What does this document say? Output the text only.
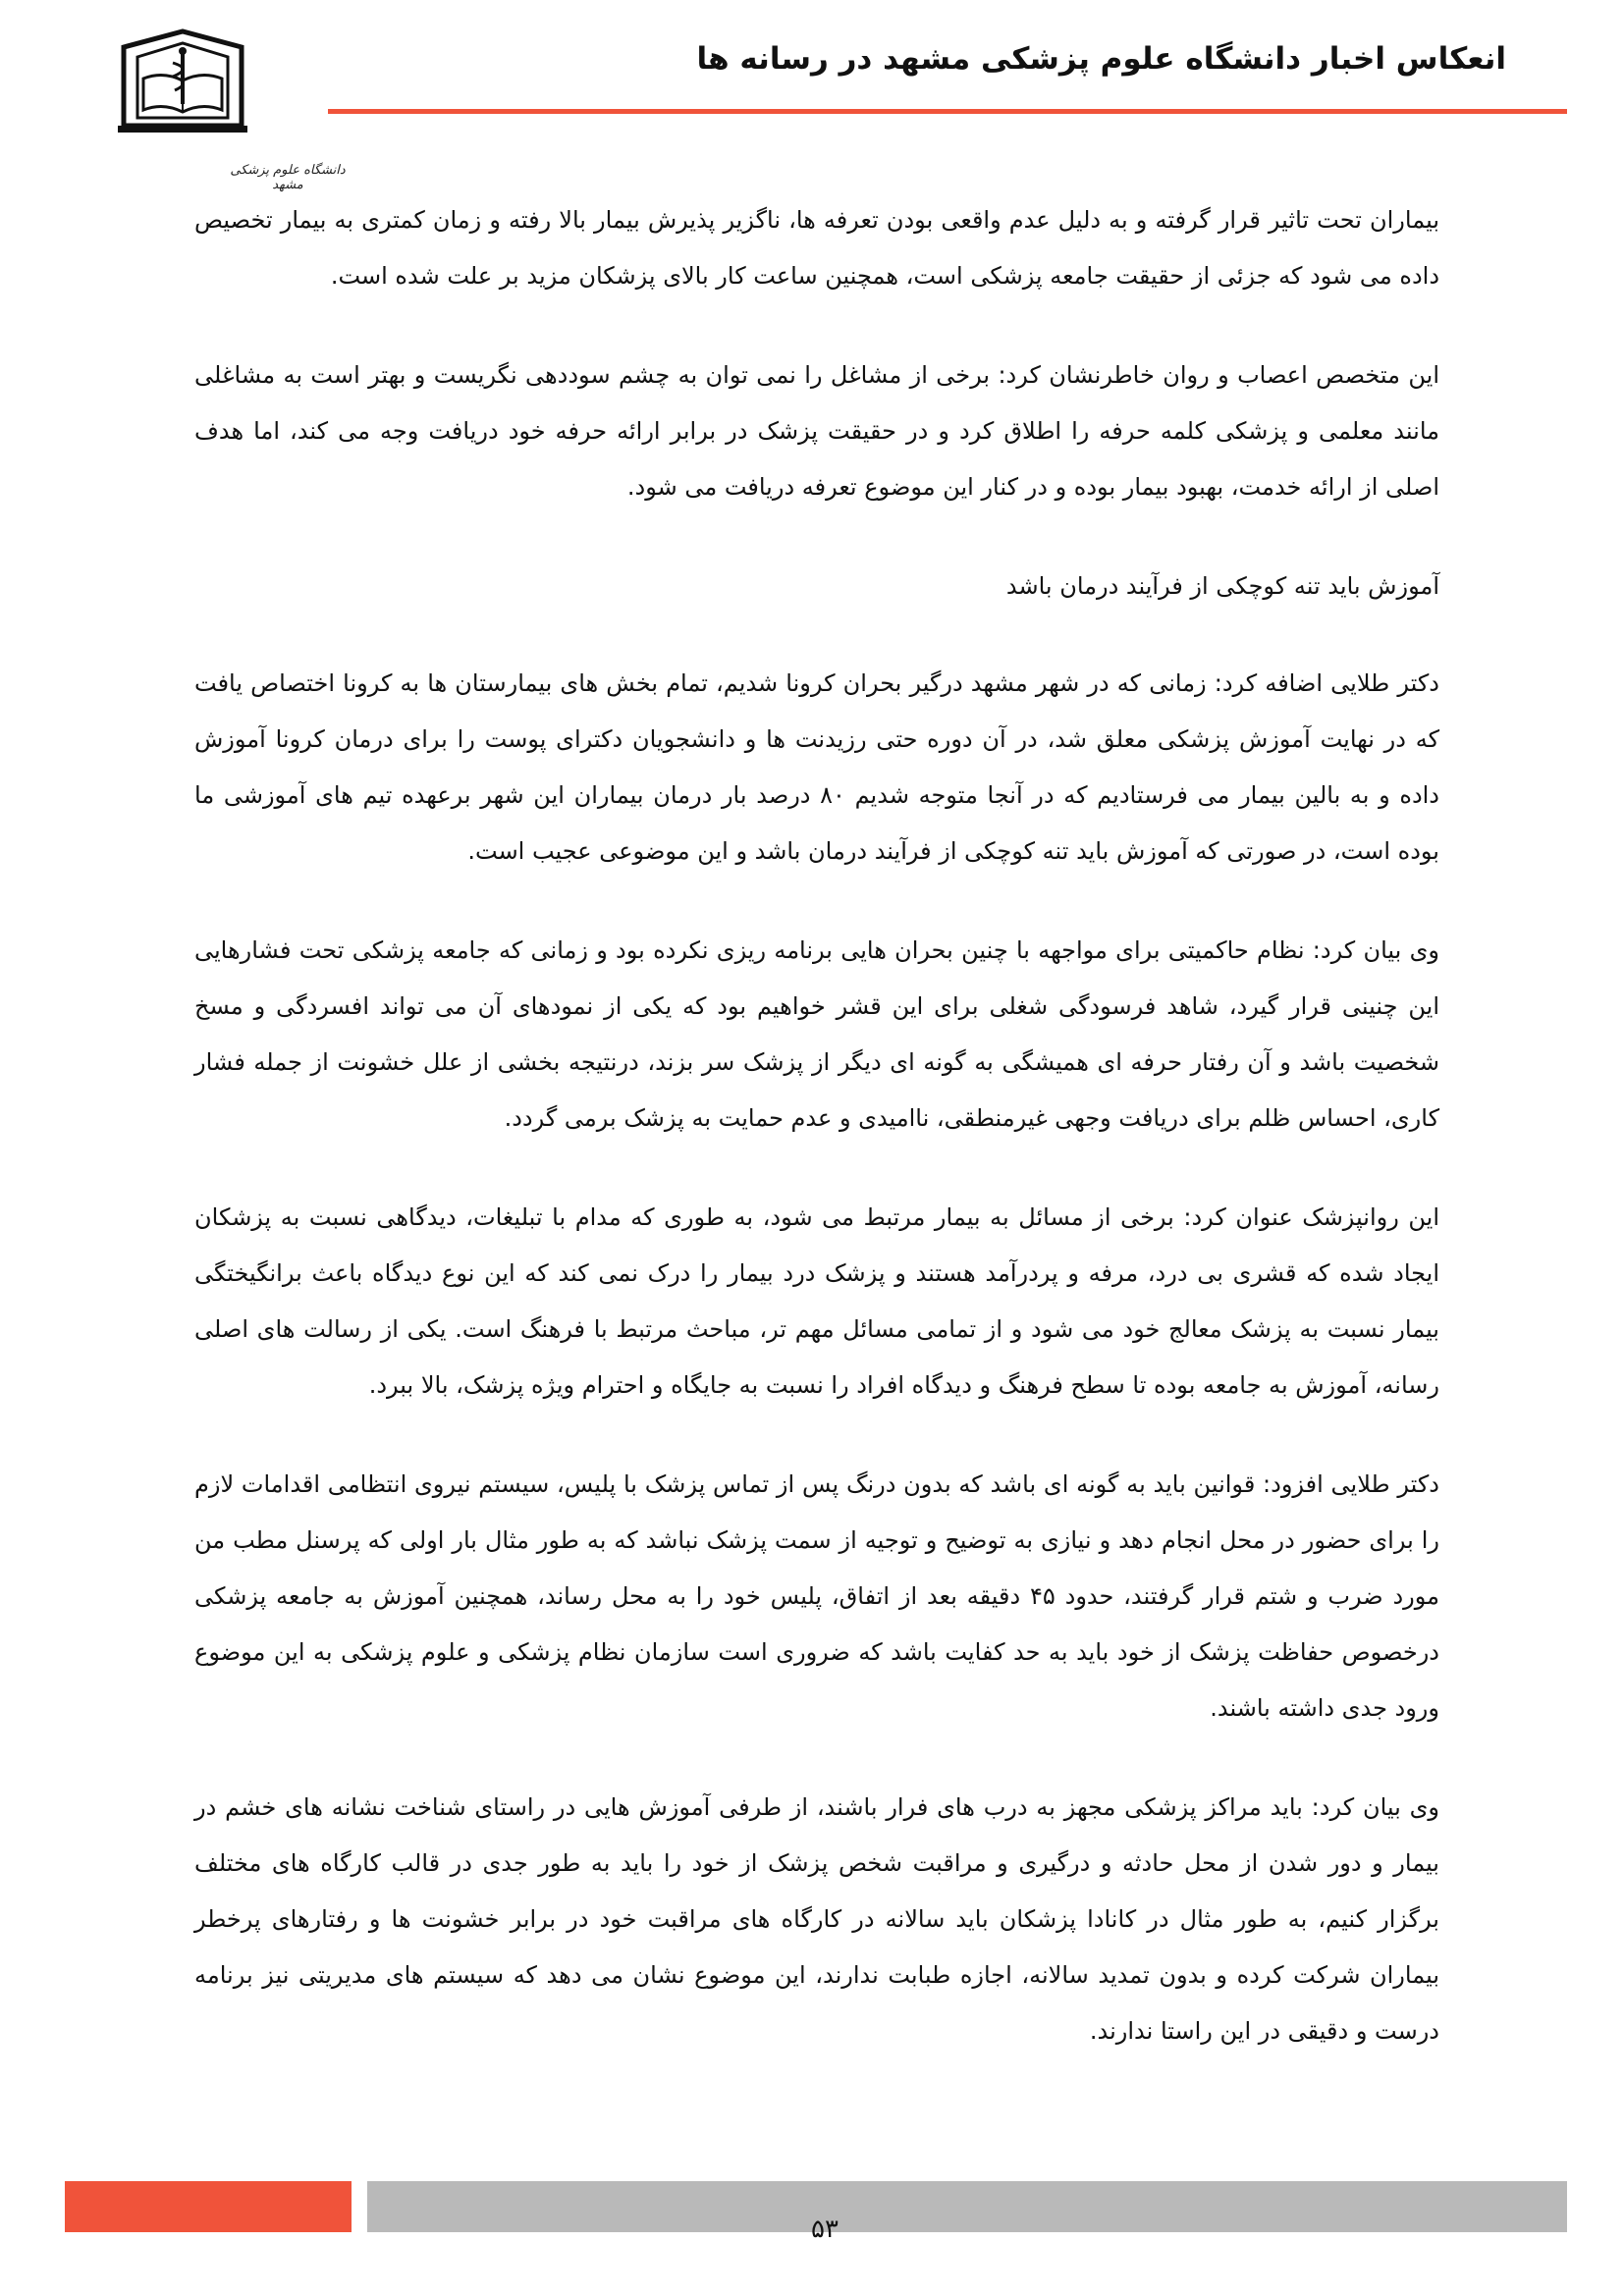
انعکاس اخبار دانشگاه علوم پزشکی مشهد در رسانه ها
دانشگاه علوم پزشکی مشهد

بیماران تحت تاثیر قرار گرفته و به دلیل عدم واقعی بودن تعرفه ها، ناگزیر پذیرش بیمار بالا رفته و زمان کمتری به بیمار تخصیص داده می شود که جزئی از حقیقت جامعه پزشکی است، همچنین ساعت کار بالای پزشکان مزید بر علت شده است.

این متخصص اعصاب و روان خاطرنشان کرد: برخی از مشاغل را نمی توان به چشم سوددهی نگریست و بهتر است به مشاغلی مانند معلمی و پزشکی کلمه حرفه را اطلاق کرد و در حقیقت پزشک در برابر ارائه حرفه خود دریافت وجه می کند، اما هدف اصلی از ارائه خدمت، بهبود بیمار بوده و در کنار این موضوع تعرفه دریافت می شود.

آموزش باید تنه کوچکی از فرآیند درمان باشد

دکتر طلایی اضافه کرد: زمانی که در شهر مشهد درگیر بحران کرونا شدیم، تمام بخش های بیمارستان ها به کرونا اختصاص یافت که در نهایت آموزش پزشکی معلق شد، در آن دوره حتی رزیدنت ها و دانشجویان دکترای پوست را برای درمان کرونا آموزش داده و به بالین بیمار می فرستادیم که در آنجا متوجه شدیم ۸۰ درصد بار درمان بیماران این شهر برعهده تیم های آموزشی ما بوده است، در صورتی که آموزش باید تنه کوچکی از فرآیند درمان باشد و این موضوعی عجیب است.

وی بیان کرد: نظام حاکمیتی برای مواجهه با چنین بحران هایی برنامه ریزی نکرده بود و زمانی که جامعه پزشکی تحت فشارهایی این چنینی قرار گیرد، شاهد فرسودگی شغلی برای این قشر خواهیم بود که یکی از نمودهای آن می تواند افسردگی و مسخ شخصیت باشد و آن رفتار حرفه ای همیشگی به گونه ای دیگر از پزشک سر بزند، درنتیجه بخشی از علل خشونت از جمله فشار کاری، احساس ظلم برای دریافت وجهی غیرمنطقی، ناامیدی و عدم حمایت به پزشک برمی گردد.

این روانپزشک عنوان کرد: برخی از مسائل به بیمار مرتبط می شود، به طوری که مدام با تبلیغات، دیدگاهی نسبت به پزشکان ایجاد شده که قشری بی درد، مرفه و پردرآمد هستند و پزشک درد بیمار را درک نمی کند که این نوع دیدگاه باعث برانگیختگی بیمار نسبت به پزشک معالج خود می شود و از تمامی مسائل مهم تر، مباحث مرتبط با فرهنگ است. یکی از رسالت های اصلی رسانه، آموزش به جامعه بوده تا سطح فرهنگ و دیدگاه افراد را نسبت به جایگاه و احترام ویژه پزشک، بالا ببرد.

دکتر طلایی افزود: قوانین باید به گونه ای باشد که بدون درنگ پس از تماس پزشک با پلیس، سیستم نیروی انتظامی اقدامات لازم را برای حضور در محل انجام دهد و نیازی به توضیح و توجیه از سمت پزشک نباشد که به طور مثال بار اولی که پرسنل مطب من مورد ضرب و شتم قرار گرفتند، حدود ۴۵ دقیقه بعد از اتفاق، پلیس خود را به محل رساند، همچنین آموزش به جامعه پزشکی درخصوص حفاظت پزشک از خود باید به حد کفایت باشد که ضروری است سازمان نظام پزشکی و علوم پزشکی به این موضوع ورود جدی داشته باشند.

وی بیان کرد: باید مراکز پزشکی مجهز به درب های فرار باشند، از طرفی آموزش هایی در راستای شناخت نشانه های خشم در بیمار و دور شدن از محل حادثه و درگیری و مراقبت شخص پزشک از خود را باید به طور جدی در قالب کارگاه های مختلف برگزار کنیم، به طور مثال در کانادا پزشکان باید سالانه در کارگاه های مراقبت خود در برابر خشونت ها و رفتارهای پرخطر بیماران شرکت کرده و بدون تمدید سالانه، اجازه طبابت ندارند، این موضوع نشان می دهد که سیستم های مدیریتی نیز برنامه درست و دقیقی در این راستا ندارند.

۵۳
